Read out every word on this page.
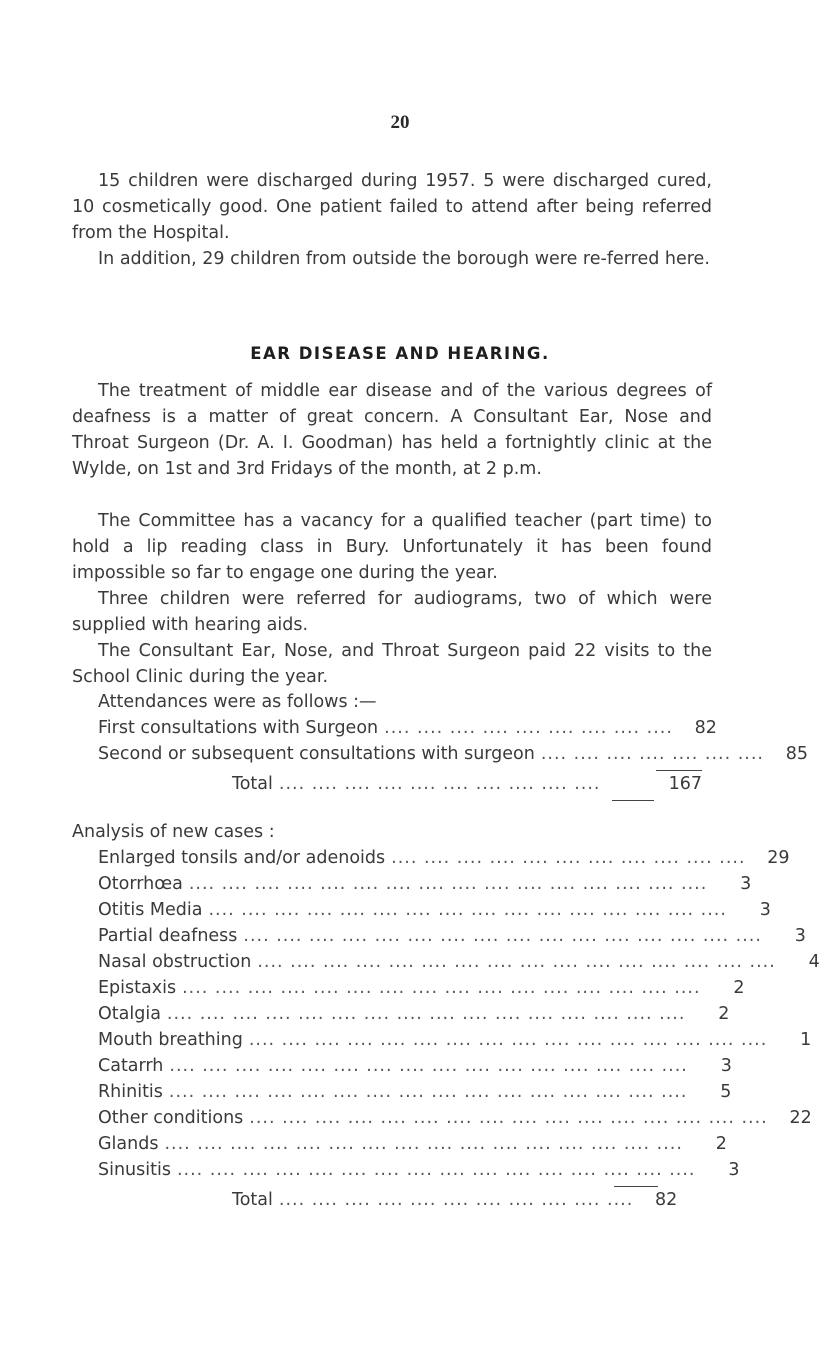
20

15 children were discharged during 1957. 5 were discharged cured, 10 cosmetically good. One patient failed to attend after being referred from the Hospital.

In addition, 29 children from outside the borough were re-ferred here.

EAR DISEASE AND HEARING.

The treatment of middle ear disease and of the various degrees of deafness is a matter of great concern. A Consultant Ear, Nose and Throat Surgeon (Dr. A. I. Goodman) has held a fortnightly clinic at the Wylde, on 1st and 3rd Fridays of the month, at 2 p.m.

The Committee has a vacancy for a qualified teacher (part time) to hold a lip reading class in Bury. Unfortunately it has been found impossible so far to engage one during the year.

Three children were referred for audiograms, two of which were supplied with hearing aids.

The Consultant Ear, Nose, and Throat Surgeon paid 22 visits to the School Clinic during the year.

Attendances were as follows :—
First consultations with Surgeon .... .... .... .... .... .... .... .... ....	82
Second or subsequent consultations with surgeon .... .... .... .... .... .... ....	85
Total .... .... .... .... .... .... .... .... .... ....	167
Analysis of new cases :
Enlarged tonsils and/or adenoids .... .... .... .... .... .... .... .... .... .... ....	29
Otorrhœa .... .... .... .... .... .... .... .... .... .... .... .... .... .... .... ....	3
Otitis Media .... .... .... .... .... .... .... .... .... .... .... .... .... .... .... ....	3
Partial deafness .... .... .... .... .... .... .... .... .... .... .... .... .... .... .... ....	3
Nasal obstruction .... .... .... .... .... .... .... .... .... .... .... .... .... .... .... ....	4
Epistaxis .... .... .... .... .... .... .... .... .... .... .... .... .... .... .... ....	2
Otalgia .... .... .... .... .... .... .... .... .... .... .... .... .... .... .... ....	2
Mouth breathing .... .... .... .... .... .... .... .... .... .... .... .... .... .... .... ....	1
Catarrh .... .... .... .... .... .... .... .... .... .... .... .... .... .... .... ....	3
Rhinitis .... .... .... .... .... .... .... .... .... .... .... .... .... .... .... ....	5
Other conditions .... .... .... .... .... .... .... .... .... .... .... .... .... .... .... ....	22
Glands .... .... .... .... .... .... .... .... .... .... .... .... .... .... .... ....	2
Sinusitis .... .... .... .... .... .... .... .... .... .... .... .... .... .... .... ....	3
Total .... .... .... .... .... .... .... .... .... .... ....	82
